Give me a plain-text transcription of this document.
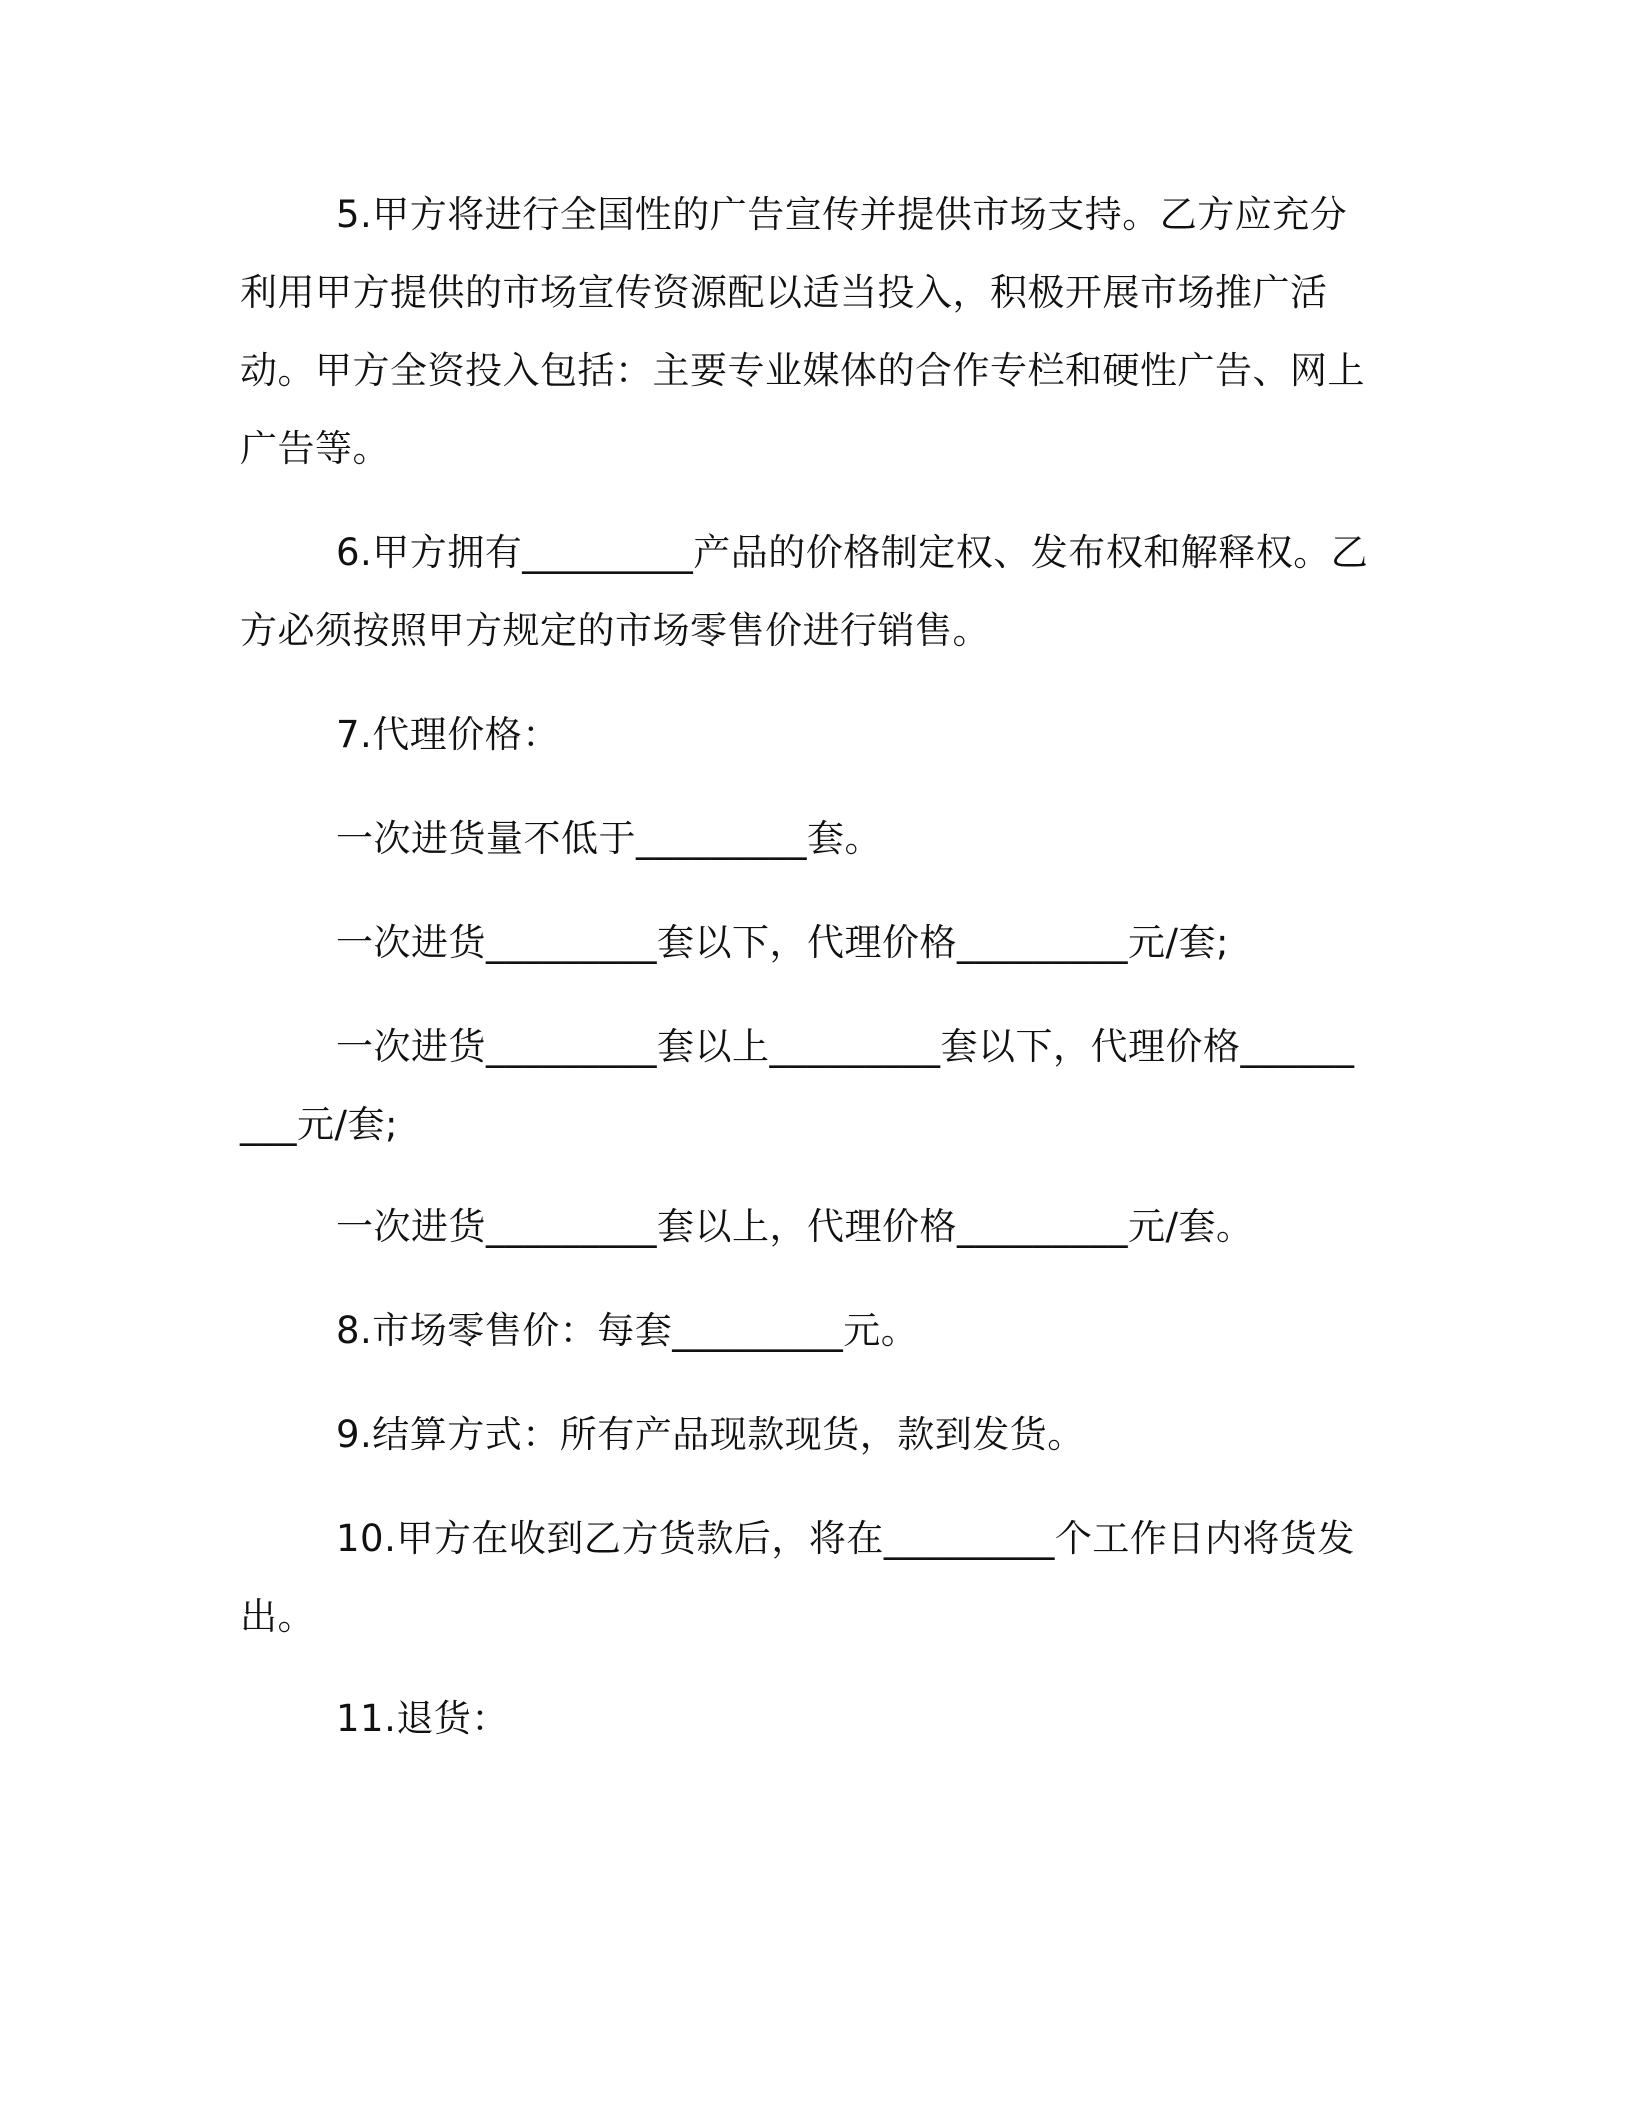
5.甲方将进行全国性的广告宣传并提供市场支持。乙方应充分利用甲方提供的市场宣传资源配以适当投入，积极开展市场推广活动。甲方全资投入包括：主要专业媒体的合作专栏和硬性广告、网上广告等。

6.甲方拥有_________产品的价格制定权、发布权和解释权。乙方必须按照甲方规定的市场零售价进行销售。

7.代理价格：

一次进货量不低于_________套。

一次进货_________套以下，代理价格_________元/套;

一次进货_________套以上_________套以下，代理价格_________元/套;

一次进货_________套以上，代理价格_________元/套。

8.市场零售价：每套_________元。

9.结算方式：所有产品现款现货，款到发货。

10.甲方在收到乙方货款后，将在_________个工作日内将货发出。

11.退货：
